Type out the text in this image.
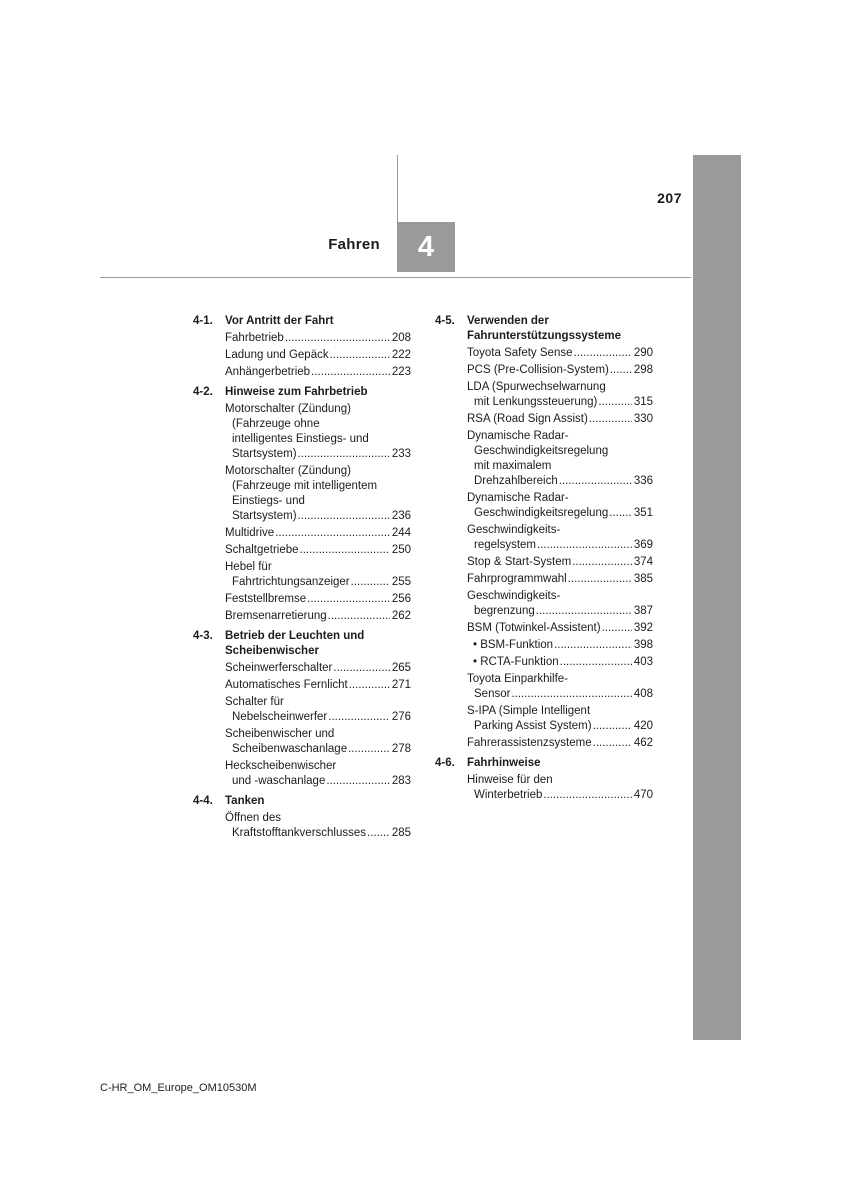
207
Fahren 4
4-1.	Vor Antritt der Fahrt
Fahrbetrieb .....	208
Ladung und Gepäck .....	222
Anhängerbetrieb .....	223
4-2.	Hinweise zum Fahrbetrieb
Motorschalter (Zündung)
(Fahrzeuge ohne
intelligentes Einstiegs- und
Startsystem) .....	233
Motorschalter (Zündung)
(Fahrzeuge mit intelligentem
Einstiegs- und
Startsystem) .....	236
Multidrive .....	244
Schaltgetriebe .....	250
Hebel für
Fahrtrichtungsanzeiger .....	255
Feststellbremse .....	256
Bremsenarretierung .....	262
4-3.	Betrieb der Leuchten und
Scheibenwischer
Scheinwerferschalter .....	265
Automatisches Fernlicht .....	271
Schalter für
Nebelscheinwerfer .....	276
Scheibenwischer und
Scheibenwaschanlage .....	278
Heckscheibenwischer
und -waschanlage .....	283
4-4.	Tanken
Öffnen des
Kraftstofftankverschlusses ..... 285
4-5.	Verwenden der
Fahrunterstützungssysteme
Toyota Safety Sense .....	290
PCS (Pre-Collision-System) ..... 298
LDA (Spurwechselwarnung
mit Lenkungssteuerung) .....	315
RSA (Road Sign Assist) .....	330
Dynamische Radar-
Geschwindigkeitsregelung
mit maximalem
Drehzahlbereich .....	336
Dynamische Radar-
Geschwindigkeitsregelung ..... 351
Geschwindigkeits-
regelsystem .....	369
Stop & Start-System .....	374
Fahrprogrammwahl .....	385
Geschwindigkeits-
begrenzung .....	387
BSM (Totwinkel-Assistent) .....	392
• BSM-Funktion .....	398
• RCTA-Funktion .....	403
Toyota Einparkhilfe-
Sensor .....	408
S-IPA (Simple Intelligent
Parking Assist System) .....	420
Fahrerassistenzsysteme .....	462
4-6.	Fahrhinweise
Hinweise für den
Winterbetrieb .....	470
C-HR_OM_Europe_OM10530M
